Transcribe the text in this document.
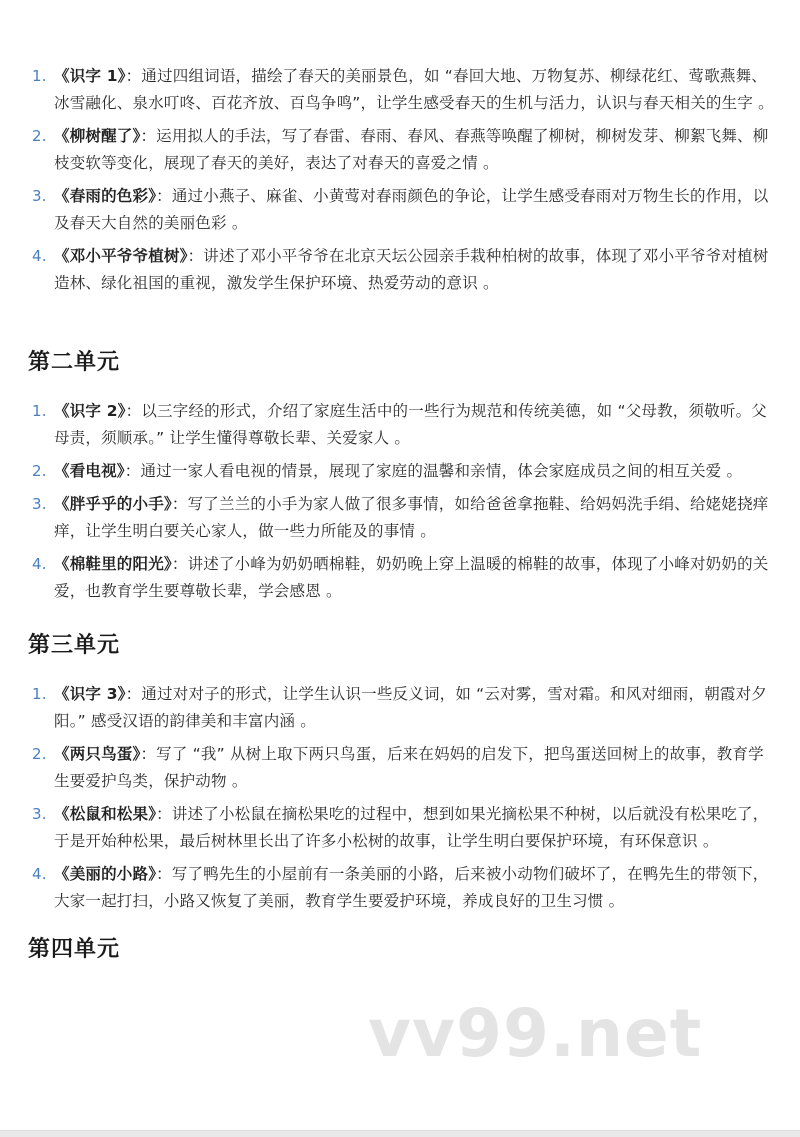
1. 《识字 1》：通过四组词语，描绘了春天的美丽景色，如 “春回大地、万物复苏、柳绿花红、莺歌燕舞、冰雪融化、泉水叮咚、百花齐放、百鸟争鸣”，让学生感受春天的生机与活力，认识与春天相关的生字 。
2. 《柳树醒了》：运用拟人的手法，写了春雷、春雨、春风、春燕等唤醒了柳树，柳树发芽、柳絮飞舞、柳枝变软等变化，展现了春天的美好，表达了对春天的喜爱之情 。
3. 《春雨的色彩》：通过小燕子、麻雀、小黄莺对春雨颜色的争论，让学生感受春雨对万物生长的作用，以及春天大自然的美丽色彩 。
4. 《邓小平爷爷植树》：讲述了邓小平爷爷在北京天坛公园亲手栽种柏树的故事，体现了邓小平爷爷对植树造林、绿化祖国的重视，激发学生保护环境、热爱劳动的意识 。
第二单元
1. 《识字 2》：以三字经的形式，介绍了家庭生活中的一些行为规范和传统美德，如 “父母教，须敬听。父母责，须顺承。” 让学生懂得尊敬长辈、关爱家人 。
2. 《看电视》：通过一家人看电视的情景，展现了家庭的温馨和亲情，体会家庭成员之间的相互关爱 。
3. 《胖乎乎的小手》：写了兰兰的小手为家人做了很多事情，如给爸爸拿拖鞋、给妈妈洗手绢、给姥姥挠痒痒，让学生明白要关心家人，做一些力所能及的事情 。
4. 《棉鞋里的阳光》：讲述了小峰为奶奶晒棉鞋，奶奶晚上穿上温暖的棉鞋的故事，体现了小峰对奶奶的关爱，也教育学生要尊敬长辈，学会感恩 。
第三单元
1. 《识字 3》：通过对对子的形式，让学生认识一些反义词，如 “云对雾，雪对霜。和风对细雨，朝霞对夕阳。” 感受汉语的韵律美和丰富内涵 。
2. 《两只鸟蛋》：写了 “我” 从树上取下两只鸟蛋，后来在妈妈的启发下，把鸟蛋送回树上的故事，教育学生要爱护鸟类，保护动物 。
3. 《松鼠和松果》：讲述了小松鼠在摘松果吃的过程中，想到如果光摘松果不种树，以后就没有松果吃了，于是开始种松果，最后树林里长出了许多小松树的故事，让学生明白要保护环境，有环保意识 。
4. 《美丽的小路》：写了鸭先生的小屋前有一条美丽的小路，后来被小动物们破坏了，在鸭先生的带领下，大家一起打扫，小路又恢复了美丽，教育学生要爱护环境，养成良好的卫生习惯 。
第四单元
vv99.net
